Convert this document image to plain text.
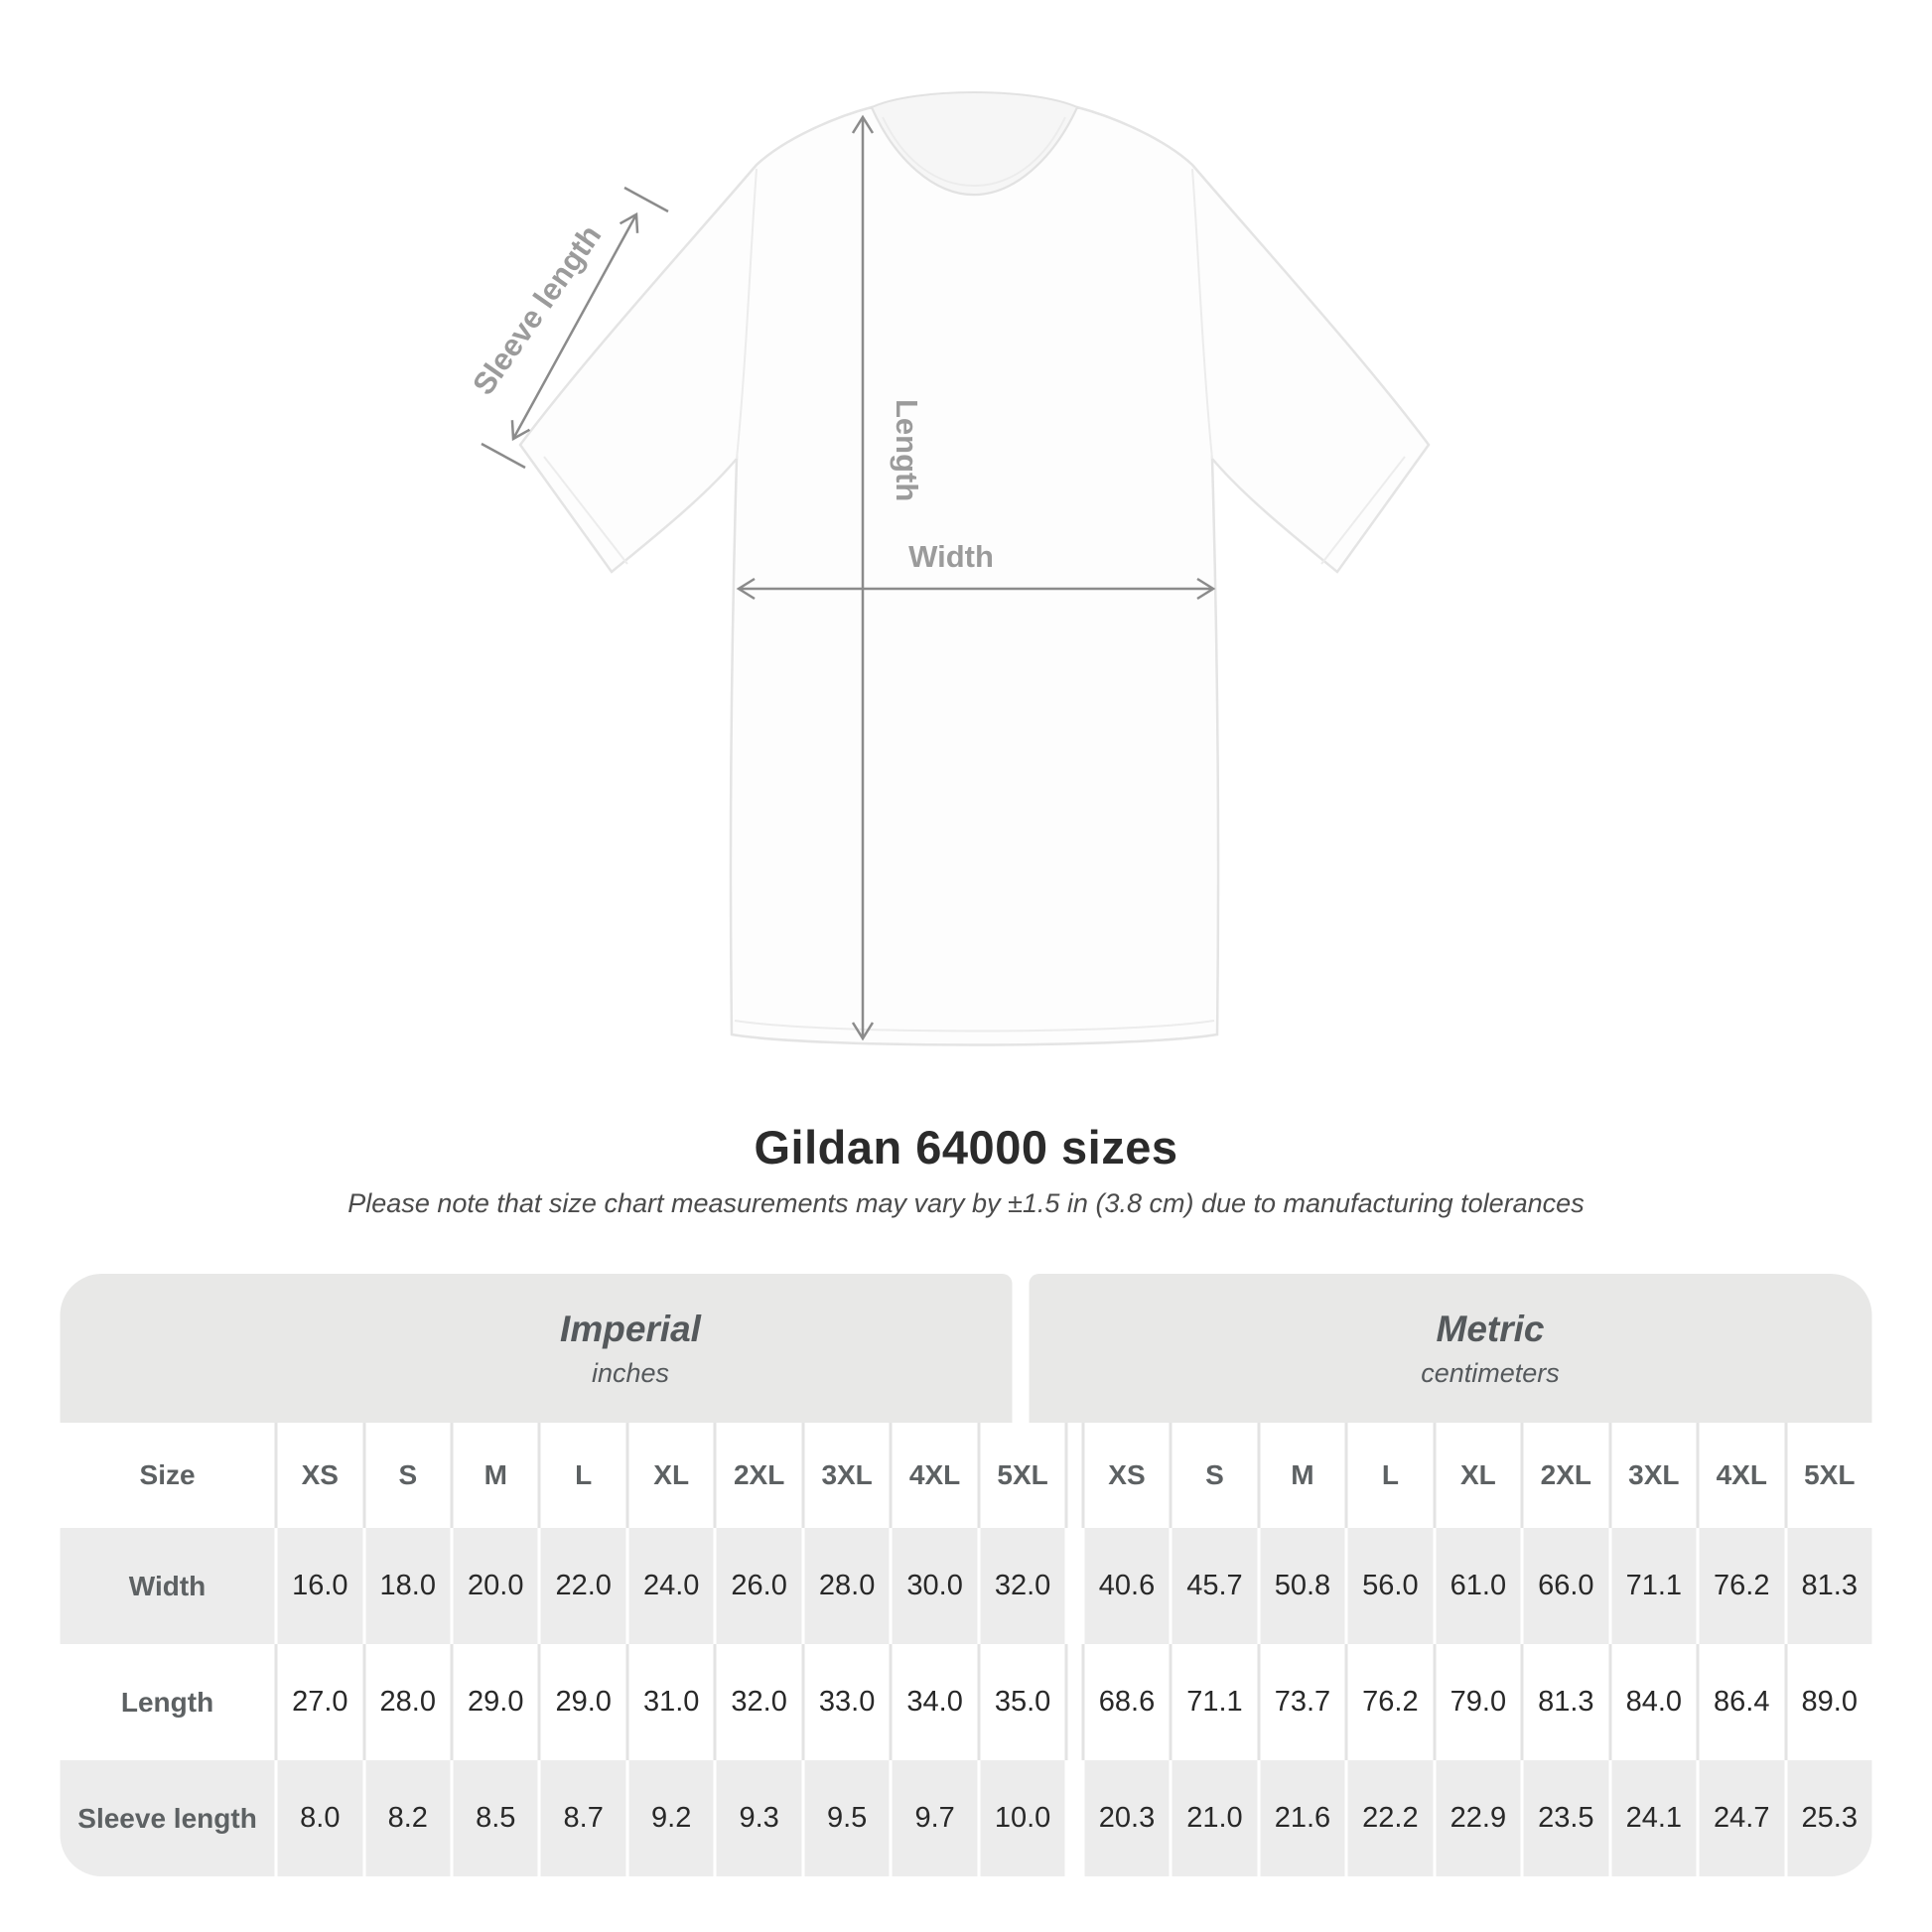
Width
Length
Sleeve length
Gildan 64000 sizes

Please note that size chart measurements may vary by ±1.5 in (3.8 cm) due to manufacturing tolerances

Imperial
inches
Metric
centimeters
Size	XS	S	M	L	XL	2XL	3XL	4XL	5XL	XS	S	M	L	XL	2XL	3XL	4XL	5XL
Width	16.0	18.0	20.0	22.0	24.0	26.0	28.0	30.0	32.0	40.6	45.7	50.8	56.0	61.0	66.0	71.1	76.2	81.3
Length	27.0	28.0	29.0	29.0	31.0	32.0	33.0	34.0	35.0	68.6	71.1	73.7	76.2	79.0	81.3	84.0	86.4	89.0
Sleeve length	8.0	8.2	8.5	8.7	9.2	9.3	9.5	9.7	10.0	20.3	21.0	21.6	22.2	22.9	23.5	24.1	24.7	25.3
